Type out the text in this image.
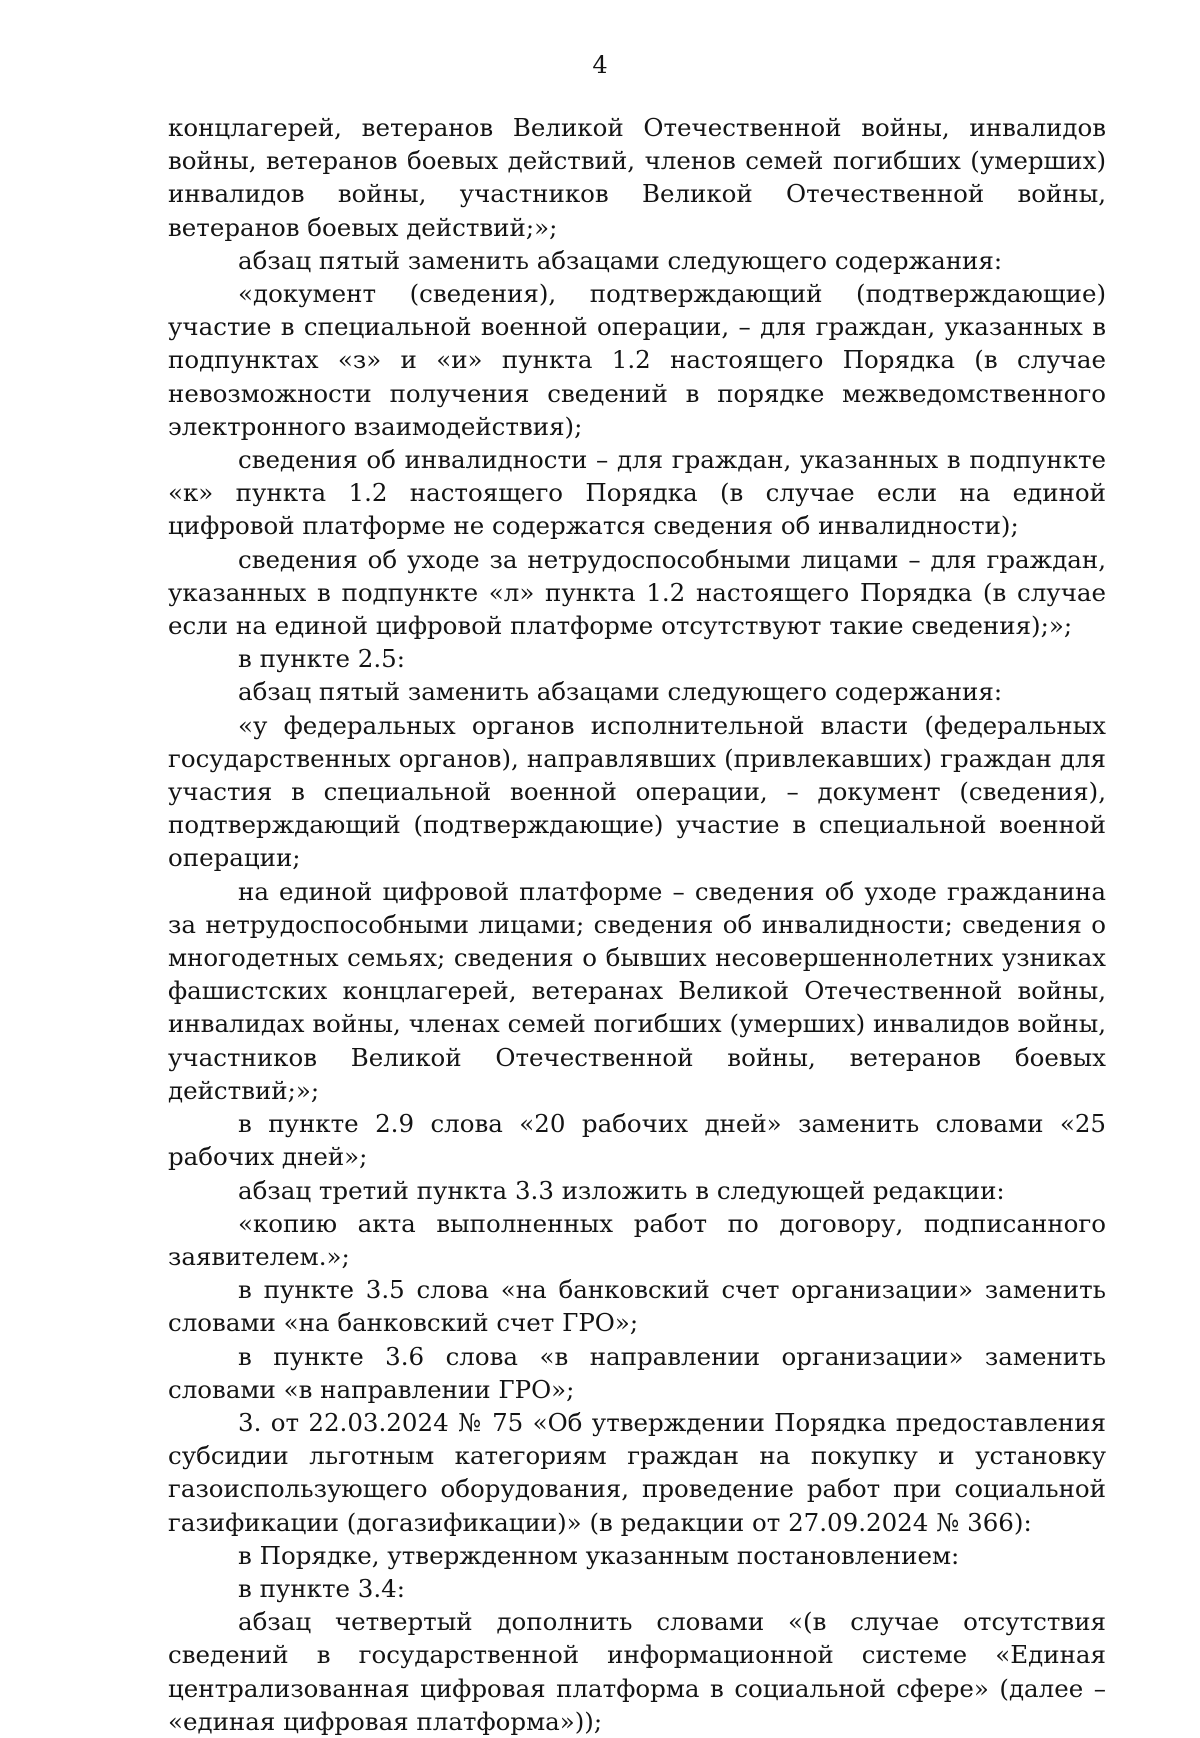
4

концлагерей, ветеранов Великой Отечественной войны, инвалидов войны, ветеранов боевых действий, членов семей погибших (умерших) инвалидов войны, участников Великой Отечественной войны, ветеранов боевых действий;»;

абзац пятый заменить абзацами следующего содержания:

«документ (сведения), подтверждающий (подтверждающие) участие в специальной военной операции, – для граждан, указанных в подпунктах «з» и «и» пункта 1.2 настоящего Порядка (в случае невозможности получения сведений в порядке межведомственного электронного взаимодействия);

сведения об инвалидности – для граждан, указанных в подпункте «к» пункта 1.2 настоящего Порядка (в случае если на единой цифровой платформе не содержатся сведения об инвалидности);

сведения об уходе за нетрудоспособными лицами – для граждан, указанных в подпункте «л» пункта 1.2 настоящего Порядка (в случае если на единой цифровой платформе отсутствуют такие сведения);»;

в пункте 2.5:

абзац пятый заменить абзацами следующего содержания:

«у федеральных органов исполнительной власти (федеральных государственных органов), направлявших (привлекавших) граждан для участия в специальной военной операции, – документ (сведения), подтверждающий (подтверждающие) участие в специальной военной операции;

на единой цифровой платформе – сведения об уходе гражданина за нетрудоспособными лицами; сведения об инвалидности; сведения о многодетных семьях; сведения о бывших несовершеннолетних узниках фашистских концлагерей, ветеранах Великой Отечественной войны, инвалидах войны, членах семей погибших (умерших) инвалидов войны, участников Великой Отечественной войны, ветеранов боевых действий;»;

в пункте 2.9 слова «20 рабочих дней» заменить словами «25 рабочих дней»;

абзац третий пункта 3.3 изложить в следующей редакции:

«копию акта выполненных работ по договору, подписанного заявителем.»;

в пункте 3.5 слова «на банковский счет организации» заменить словами «на банковский счет ГРО»;

в пункте 3.6 слова «в направлении организации» заменить словами «в направлении ГРО»;

3. от 22.03.2024 № 75 «Об утверждении Порядка предоставления субсидии льготным категориям граждан на покупку и установку газоиспользующего оборудования, проведение работ при социальной газификации (догазификации)» (в редакции от 27.09.2024 № 366):

в Порядке, утвержденном указанным постановлением:

в пункте 3.4:

абзац четвертый дополнить словами «(в случае отсутствия сведений в государственной информационной системе «Единая централизованная цифровая платформа в социальной сфере» (далее – «единая цифровая платформа»));
